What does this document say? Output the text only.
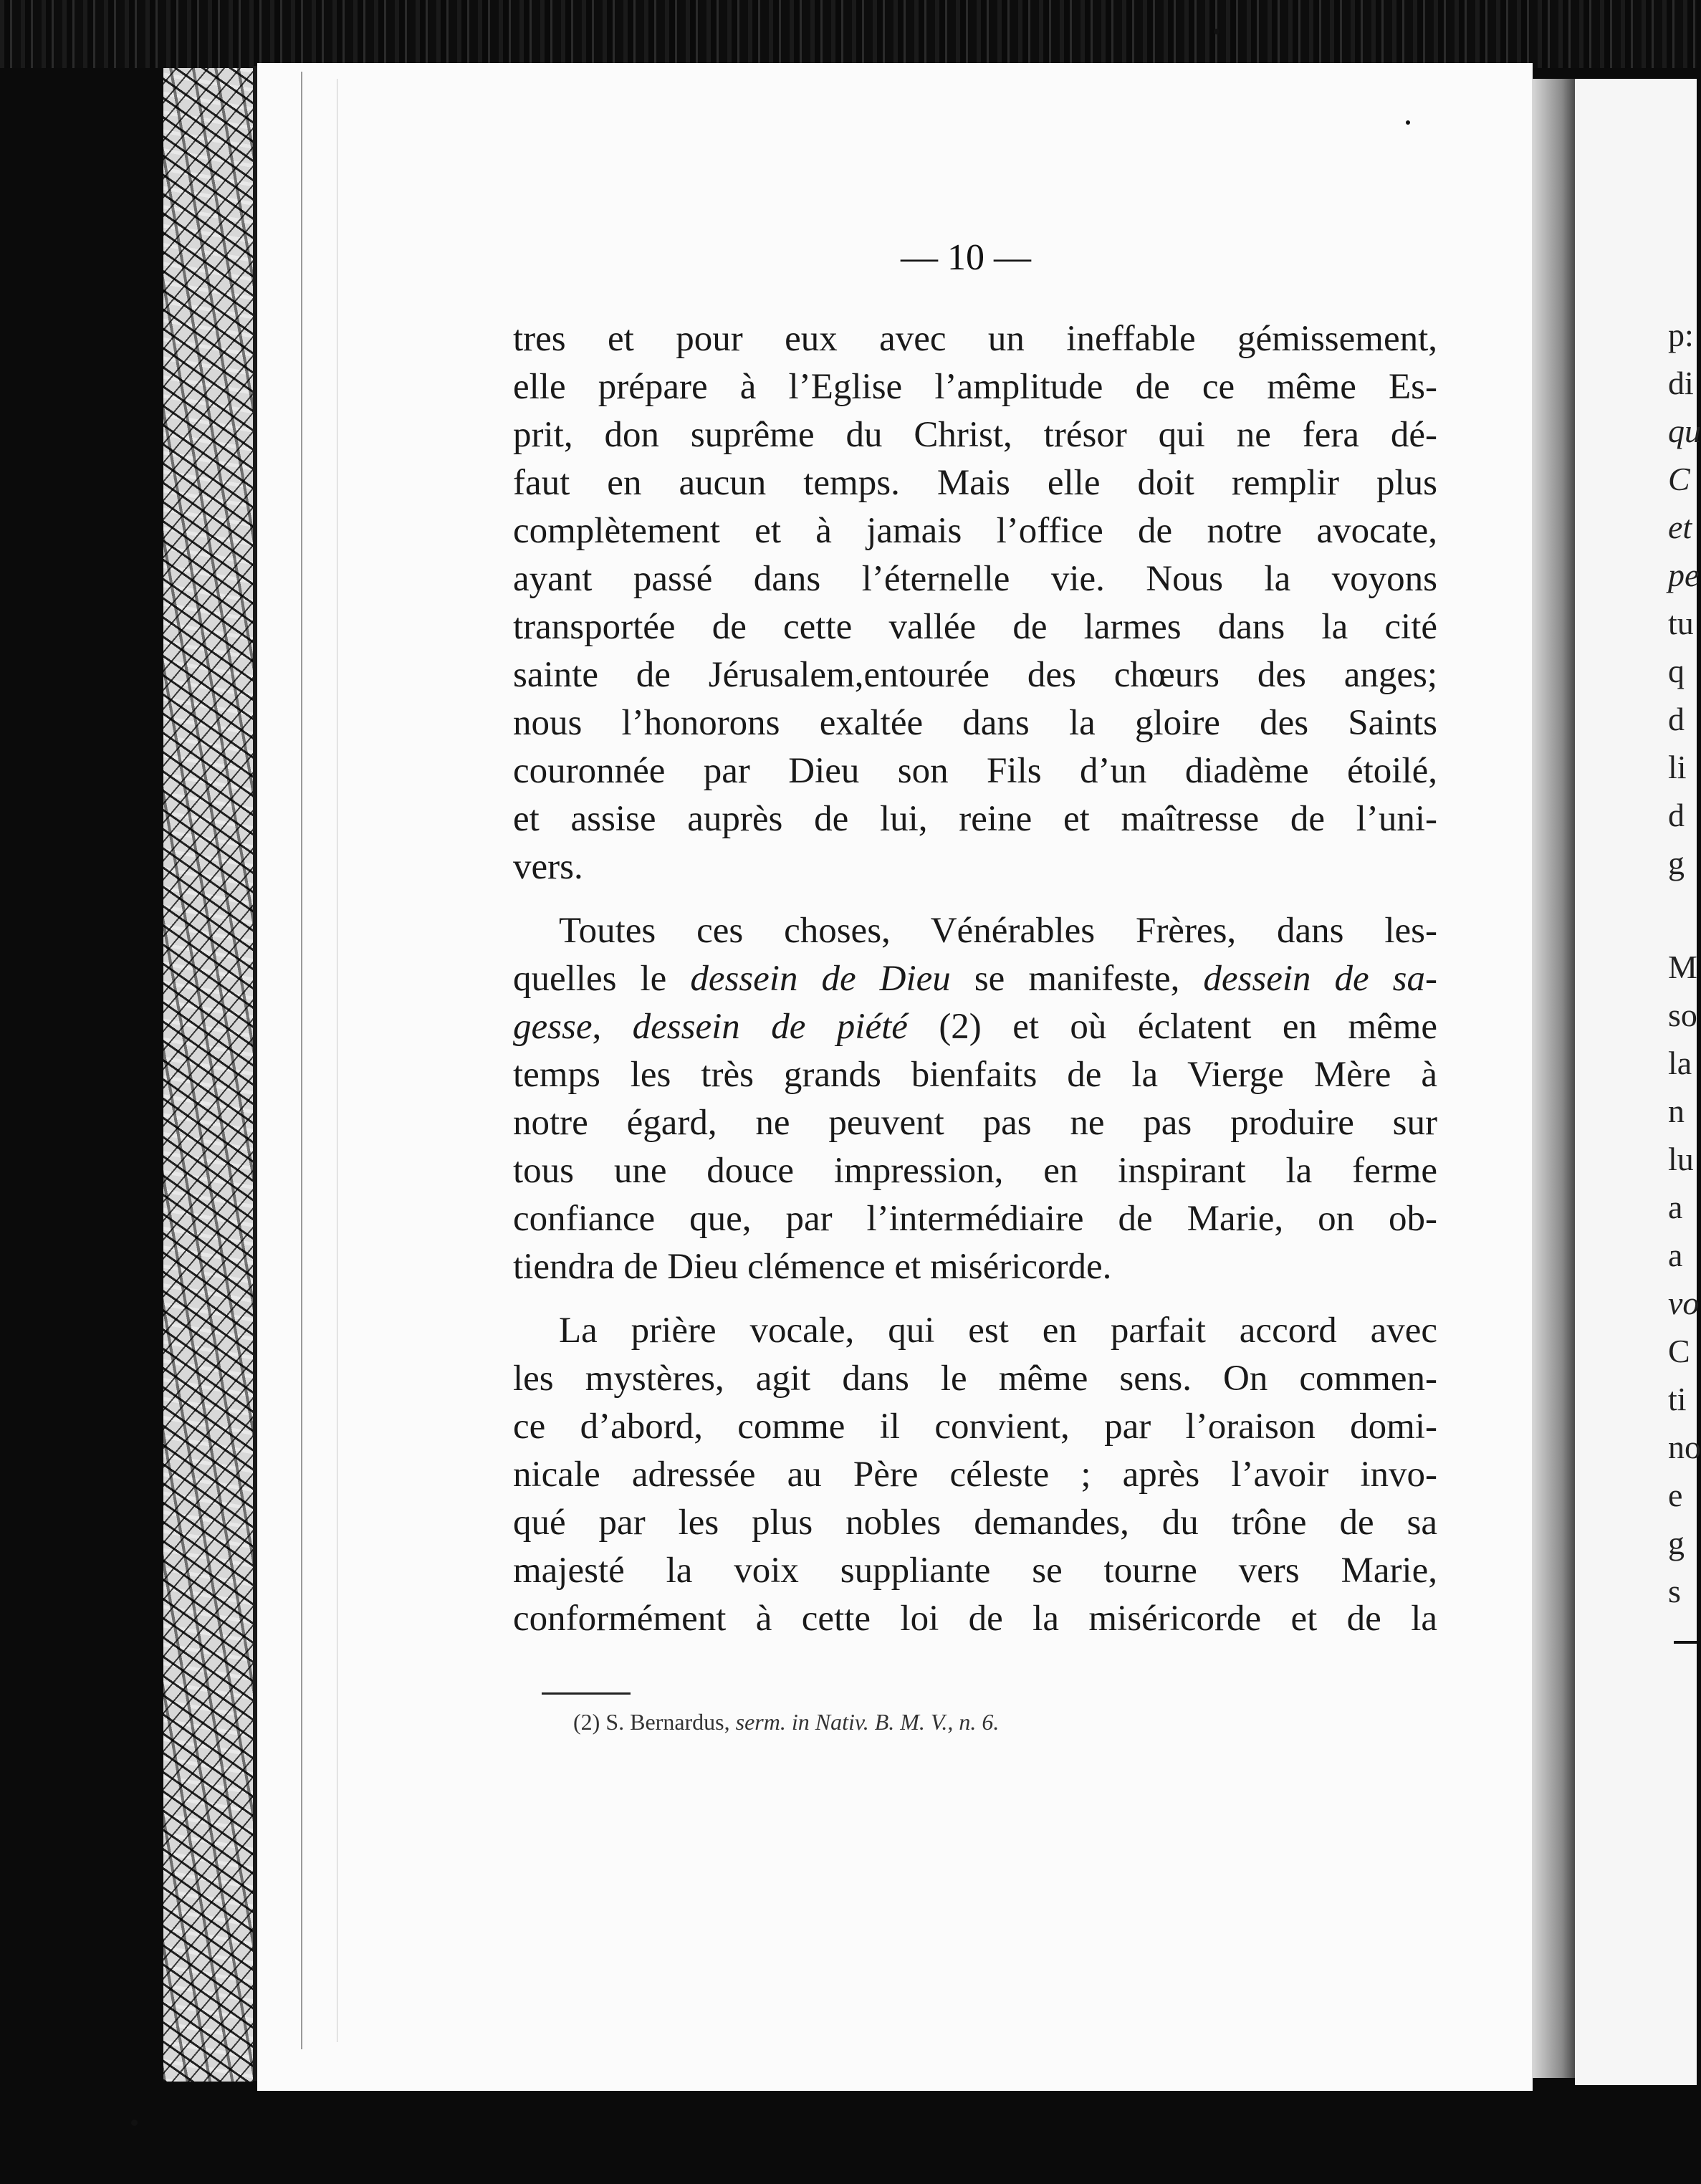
— 10 —
tres et pour eux avec un ineffable gémissement,
elle prépare à l’Eglise l’amplitude de ce même Es-
prit, don suprême du Christ, trésor qui ne fera dé-
faut en aucun temps. Mais elle doit remplir plus
complètement et à jamais l’office de notre avocate,
ayant passé dans l’éternelle vie. Nous la voyons
transportée de cette vallée de larmes dans la cité
sainte de Jérusalem,entourée des chœurs des anges;
nous l’honorons exaltée dans la gloire des Saints
couronnée par Dieu son Fils d’un diadème étoilé,
et assise auprès de lui, reine et maîtresse de l’uni-
vers.
Toutes ces choses, Vénérables Frères, dans les-
quelles le dessein de Dieu se manifeste, dessein de sa-
gesse, dessein de piété (2) et où éclatent en même
temps les très grands bienfaits de la Vierge Mère à
notre égard, ne peuvent pas ne pas produire sur
tous une douce impression, en inspirant la ferme
confiance que, par l’intermédiaire de Marie, on ob-
tiendra de Dieu clémence et miséricorde.
La prière vocale, qui est en parfait accord avec
les mystères, agit dans le même sens. On commen-
ce d’abord, comme il convient, par l’oraison domi-
nicale adressée au Père céleste ; après l’avoir invo-
qué par les plus nobles demandes, du trône de sa
majesté la voix suppliante se tourne vers Marie,
conformément à cette loi de la miséricorde et de la
(2) S. Bernardus, serm. in Nativ. B. M. V., n. 6.
p:
di
qu
C
et
pe
tu
q
d
li
d
g
M
so
la
n
lu
a
a
vo
C
ti
no
e
g
s
